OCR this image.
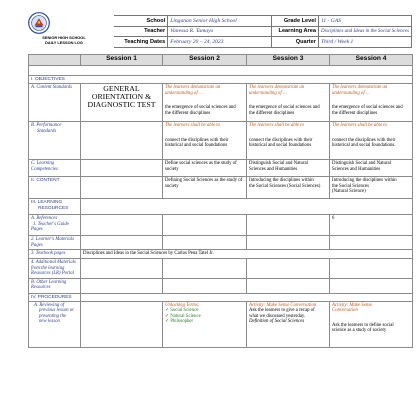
SENIOR HIGH SCHOOL
DAILY LESSON LOG
School	Linganan Senior High School	Grade Level	11 - GAS
Teacher	Vanessa R. Tamayo	Learning Area	Disciplines and Ideas in the Social Sciences
Teaching Dates	February 20 – 24, 2023	Quarter	Third / Week 1
	Session 1	Session 2	Session 3	Session 4

I. OBJECTIVES				
A. Content Standards	GENERAL ORIENTATION &
DIAGNOSTIC TEST	The learners demonstrate an
understanding of …
the emergence of social sciences and
the different disciplines	The learners demonstrate an
understanding of …
the emergence of social sciences and
the different disciplines	The learners demonstrate an
understanding of …
the emergence of social sciences and
the different disciplines

B. Performance
Standards		The learners shall be able to
connect the disciplines with their
historical and social foundations	The learners shall be able to
connect the disciplines with their
historical and social foundations	The learners shall be able to
connect the disciplines with their
historical and social foundations.

C. Learning
Competencies		Define social sciences as the study of
society	Distinguish Social and Natural
Sciences and Humanities	Distinguish Social and Natural
Sciences and Humanities

II. CONTENT		Defining Social Sciences as the study of
society	Introducing the disciplines within
the Social Sciences (Social Sciences)	Introducing the disciplines within
the Social Sciences
(Natural Science)

III. LEARNING
RESOURCES				

A. References
1. Teacher's Guide
Pages				6

2. Learner's Materials
Pages				

3. Textbook pages	Disciplines and Ideas in the Social Sciences by Carlos Pena Tatel Jr.			

4. Additional Materials
from the learning
Resources (LR) Portal				

B. Other Learning
Resources				

IV. PROCEDURES				

A. Reviewing of
previous lesson or
presenting the
new lesson		Unlocking Terms:
✓ Social Science
✓ Natural Science
✓ Philosopher	Activity: Make Sense Conversation
Ask the learners to give a recap of
what we discussed yesterday.
Definition of Social Sciences	Activity: Make Sense
Conversation
Ask the learners to define social
science as a study of society
